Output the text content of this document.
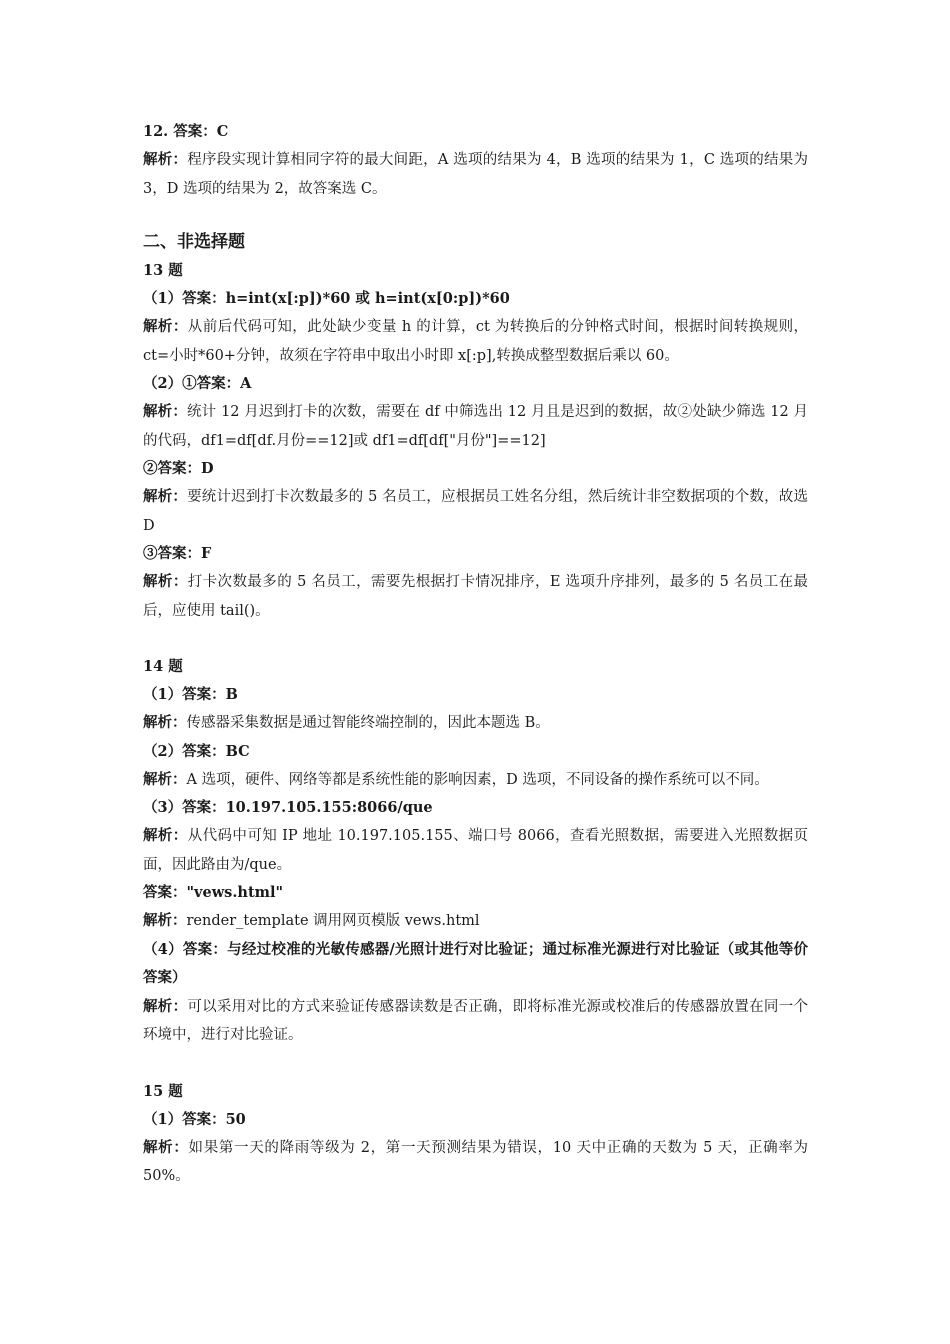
12. 答案：C
解析：程序段实现计算相同字符的最大间距，A 选项的结果为 4，B 选项的结果为 1，C 选项的结果为 3，D 选项的结果为 2，故答案选 C。
二、非选择题
13 题
（1）答案：h=int(x[:p])*60 或 h=int(x[0:p])*60
解析：从前后代码可知，此处缺少变量 h 的计算，ct 为转换后的分钟格式时间，根据时间转换规则，ct=小时*60+分钟，故须在字符串中取出小时即 x[:p],转换成整型数据后乘以 60。
（2）①答案：A
解析：统计 12 月迟到打卡的次数，需要在 df 中筛选出 12 月且是迟到的数据，故②处缺少筛选 12 月的代码，df1=df[df.月份==12]或 df1=df[df["月份"]==12]
②答案：D
解析：要统计迟到打卡次数最多的 5 名员工，应根据员工姓名分组，然后统计非空数据项的个数，故选 D
③答案：F
解析：打卡次数最多的 5 名员工，需要先根据打卡情况排序，E 选项升序排列，最多的 5 名员工在最后，应使用 tail()。
14 题
（1）答案：B
解析：传感器采集数据是通过智能终端控制的，因此本题选 B。
（2）答案：BC
解析：A 选项，硬件、网络等都是系统性能的影响因素，D 选项，不同设备的操作系统可以不同。
（3）答案：10.197.105.155:8066/que
解析：从代码中可知 IP 地址 10.197.105.155、端口号 8066，查看光照数据，需要进入光照数据页面，因此路由为/que。
答案："vews.html"
解析：render_template 调用网页模版 vews.html
（4）答案：与经过校准的光敏传感器/光照计进行对比验证；通过标准光源进行对比验证（或其他等价答案）
解析：可以采用对比的方式来验证传感器读数是否正确，即将标准光源或校准后的传感器放置在同一个环境中，进行对比验证。
15 题
（1）答案：50
解析：如果第一天的降雨等级为 2，第一天预测结果为错误，10 天中正确的天数为 5 天，正确率为 50%。
